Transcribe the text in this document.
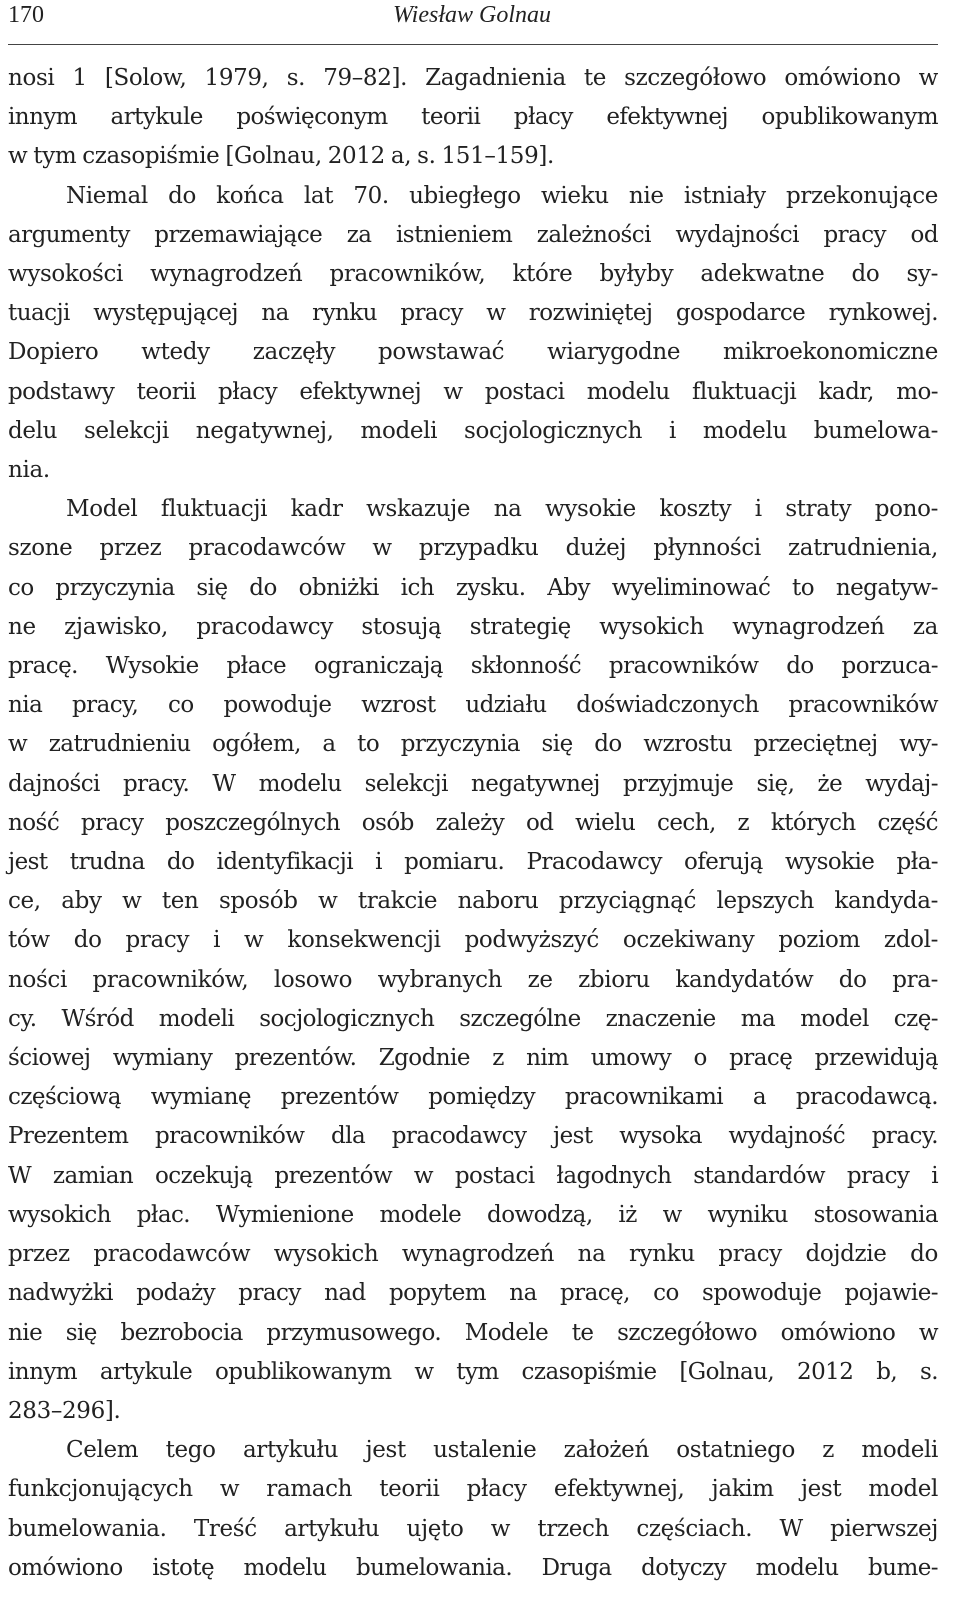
170	Wiesław Golnau
nosi 1 [Solow, 1979, s. 79–82]. Zagadnienia te szczegółowo omówiono w
innym artykule poświęconym teorii płacy efektywnej opublikowanym
w tym czasopiśmie [Golnau, 2012 a, s. 151–159].
Niemal do końca lat 70. ubiegłego wieku nie istniały przekonujące
argumenty przemawiające za istnieniem zależności wydajności pracy od
wysokości wynagrodzeń pracowników, które byłyby adekwatne do sy-
tuacji występującej na rynku pracy w rozwiniętej gospodarce rynkowej.
Dopiero wtedy zaczęły powstawać wiarygodne mikroekonomiczne
podstawy teorii płacy efektywnej w postaci modelu fluktuacji kadr, mo-
delu selekcji negatywnej, modeli socjologicznych i modelu bumelowa-
nia.
Model fluktuacji kadr wskazuje na wysokie koszty i straty pono-
szone przez pracodawców w przypadku dużej płynności zatrudnienia,
co przyczynia się do obniżki ich zysku. Aby wyeliminować to negatyw-
ne zjawisko, pracodawcy stosują strategię wysokich wynagrodzeń za
pracę. Wysokie płace ograniczają skłonność pracowników do porzuca-
nia pracy, co powoduje wzrost udziału doświadczonych pracowników
w zatrudnieniu ogółem, a to przyczynia się do wzrostu przeciętnej wy-
dajności pracy. W modelu selekcji negatywnej przyjmuje się, że wydaj-
ność pracy poszczególnych osób zależy od wielu cech, z których część
jest trudna do identyfikacji i pomiaru. Pracodawcy oferują wysokie pła-
ce, aby w ten sposób w trakcie naboru przyciągnąć lepszych kandyda-
tów do pracy i w konsekwencji podwyższyć oczekiwany poziom zdol-
ności pracowników, losowo wybranych ze zbioru kandydatów do pra-
cy. Wśród modeli socjologicznych szczególne znaczenie ma model czę-
ściowej wymiany prezentów. Zgodnie z nim umowy o pracę przewidują
częściową wymianę prezentów pomiędzy pracownikami a pracodawcą.
Prezentem pracowników dla pracodawcy jest wysoka wydajność pracy.
W zamian oczekują prezentów w postaci łagodnych standardów pracy i
wysokich płac. Wymienione modele dowodzą, iż w wyniku stosowania
przez pracodawców wysokich wynagrodzeń na rynku pracy dojdzie do
nadwyżki podaży pracy nad popytem na pracę, co spowoduje pojawie-
nie się bezrobocia przymusowego. Modele te szczegółowo omówiono w
innym artykule opublikowanym w tym czasopiśmie [Golnau, 2012 b, s.
283–296].
Celem tego artykułu jest ustalenie założeń ostatniego z modeli
funkcjonujących w ramach teorii płacy efektywnej, jakim jest model
bumelowania. Treść artykułu ujęto w trzech częściach. W pierwszej
omówiono istotę modelu bumelowania. Druga dotyczy modelu bume-
